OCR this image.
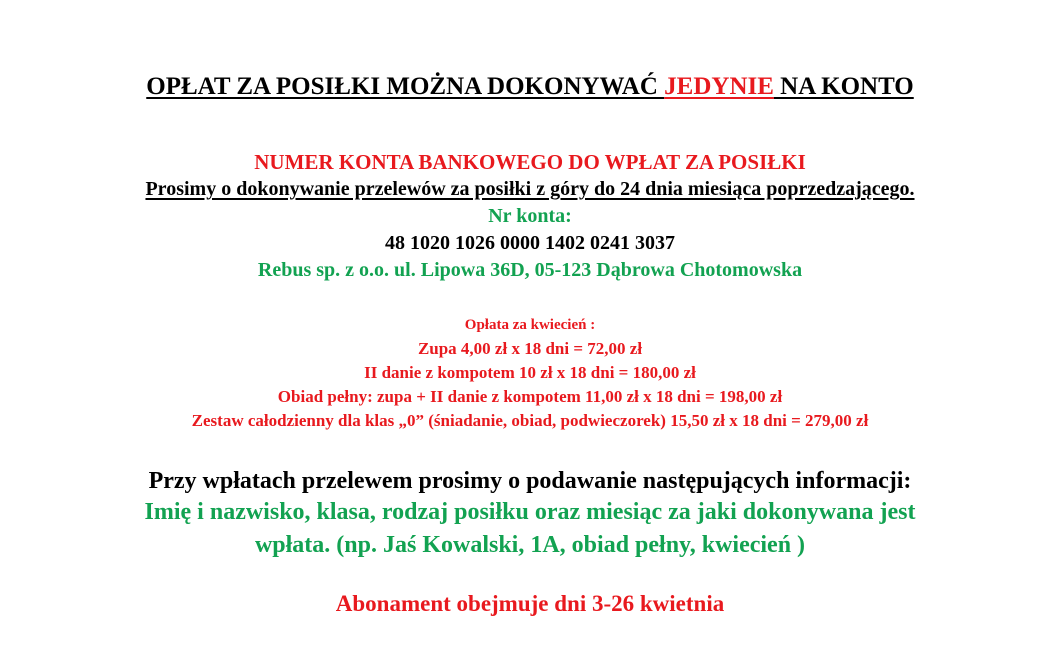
OPŁAT ZA POSIŁKI MOŻNA DOKONYWAĆ JEDYNIE NA KONTO
NUMER KONTA BANKOWEGO DO WPŁAT ZA POSIŁKI
Prosimy o dokonywanie przelewów za posiłki z góry do 24 dnia miesiąca poprzedzającego.
Nr konta:
48 1020 1026 0000 1402 0241 3037
Rebus sp. z o.o. ul. Lipowa 36D, 05-123 Dąbrowa Chotomowska
Opłata za kwiecień :
Zupa 4,00 zł x 18 dni = 72,00 zł
II danie z kompotem 10 zł x 18 dni = 180,00 zł
Obiad pełny: zupa + II danie z kompotem 11,00 zł x 18 dni = 198,00 zł
Zestaw całodzienny dla klas „0” (śniadanie, obiad, podwieczorek) 15,50 zł x 18 dni = 279,00 zł
Przy wpłatach przelewem prosimy o podawanie następujących informacji:
Imię i nazwisko, klasa, rodzaj posiłku oraz miesiąc za jaki dokonywana jest
wpłata. (np. Jaś Kowalski, 1A, obiad pełny, kwiecień )
Abonament obejmuje dni 3-26 kwietnia
